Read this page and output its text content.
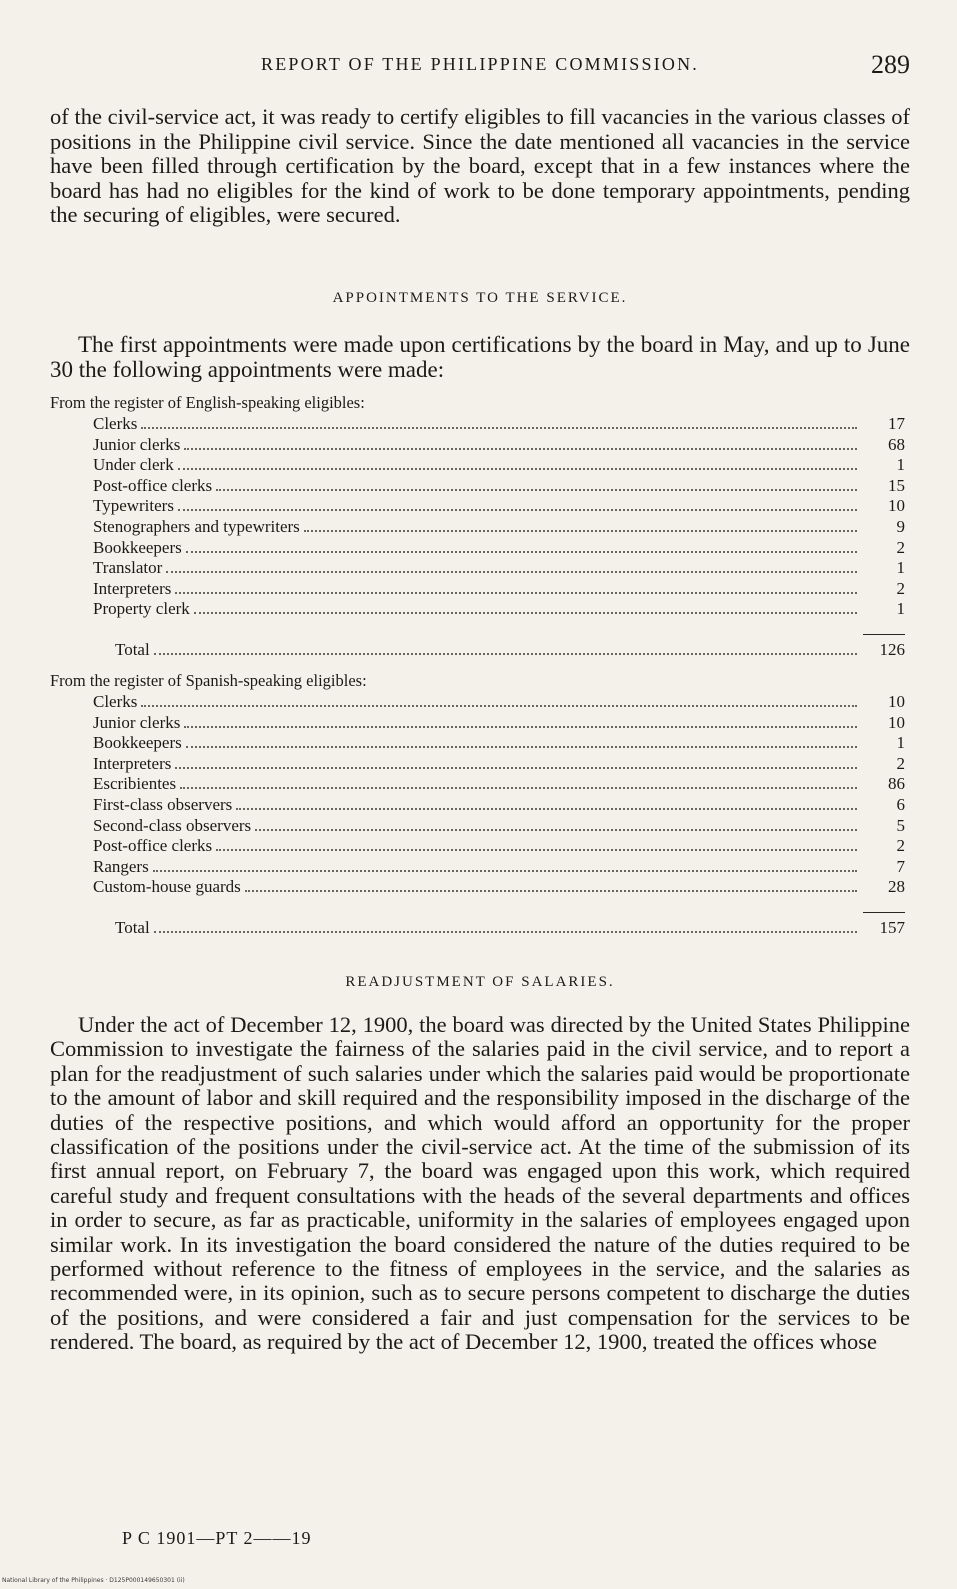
REPORT OF THE PHILIPPINE COMMISSION.	289
of the civil-service act, it was ready to certify eligibles to fill vacancies in the various classes of positions in the Philippine civil service. Since the date mentioned all vacancies in the service have been filled through certification by the board, except that in a few instances where the board has had no eligibles for the kind of work to be done temporary appointments, pending the securing of eligibles, were secured.
APPOINTMENTS TO THE SERVICE.
The first appointments were made upon certifications by the board in May, and up to June 30 the following appointments were made:
From the register of English-speaking eligibles:
Clerks	17
Junior clerks	68
Under clerk	1
Post-office clerks	15
Typewriters	10
Stenographers and typewriters	9
Bookkeepers	2
Translator	1
Interpreters	2
Property clerk	1
Total	126
From the register of Spanish-speaking eligibles:
Clerks	10
Junior clerks	10
Bookkeepers	1
Interpreters	2
Escribientes	86
First-class observers	6
Second-class observers	5
Post-office clerks	2
Rangers	7
Custom-house guards	28
Total	157
READJUSTMENT OF SALARIES.
Under the act of December 12, 1900, the board was directed by the United States Philippine Commission to investigate the fairness of the salaries paid in the civil service, and to report a plan for the readjustment of such salaries under which the salaries paid would be proportionate to the amount of labor and skill required and the responsibility imposed in the discharge of the duties of the respective positions, and which would afford an opportunity for the proper classification of the positions under the civil-service act. At the time of the submission of its first annual report, on February 7, the board was engaged upon this work, which required careful study and frequent consultations with the heads of the several departments and offices in order to secure, as far as practicable, uniformity in the salaries of employees engaged upon similar work. In its investigation the board considered the nature of the duties required to be performed without reference to the fitness of employees in the service, and the salaries as recommended were, in its opinion, such as to secure persons competent to discharge the duties of the positions, and were considered a fair and just compensation for the services to be rendered. The board, as required by the act of December 12, 1900, treated the offices whose
P C 1901—PT 2——19
National Library of the Philippines · D125P000149650301 (ii)
